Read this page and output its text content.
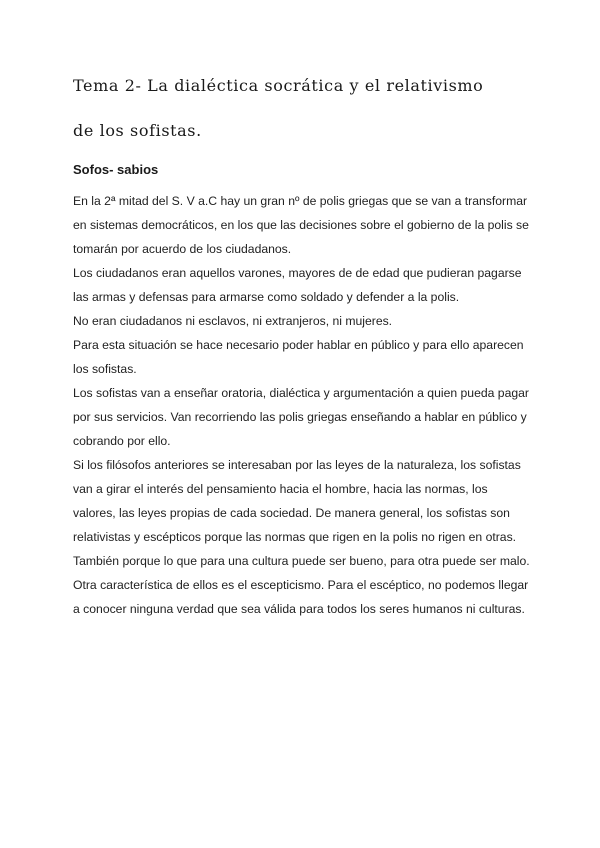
Tema 2- La dialéctica socrática y el relativismo
de los sofistas.
Sofos- sabios
En la 2ª mitad del S. V a.C hay un gran nº de polis griegas que se van a transformar
en sistemas democráticos, en los que las decisiones sobre el gobierno de la polis se
tomarán por acuerdo de los ciudadanos.
Los ciudadanos eran aquellos varones, mayores de de edad que pudieran pagarse
las armas y defensas para armarse como soldado y defender a la polis.
No eran ciudadanos ni esclavos, ni extranjeros, ni mujeres.
Para esta situación se hace necesario poder hablar en público y para ello aparecen
los sofistas.
Los sofistas van a enseñar oratoria, dialéctica y argumentación a quien pueda pagar
por sus servicios. Van recorriendo las polis griegas enseñando a hablar en público y
cobrando por ello.
Si los filósofos anteriores se interesaban por las leyes de la naturaleza, los sofistas
van a girar el interés del pensamiento hacia el hombre, hacia las normas, los
valores, las leyes propias de cada sociedad. De manera general, los sofistas son
relativistas y escépticos porque las normas que rigen en la polis no rigen en otras.
También porque lo que para una cultura puede ser bueno, para otra puede ser malo.
Otra característica de ellos es el escepticismo. Para el escéptico, no podemos llegar
a conocer ninguna verdad que sea válida para todos los seres humanos ni culturas.
